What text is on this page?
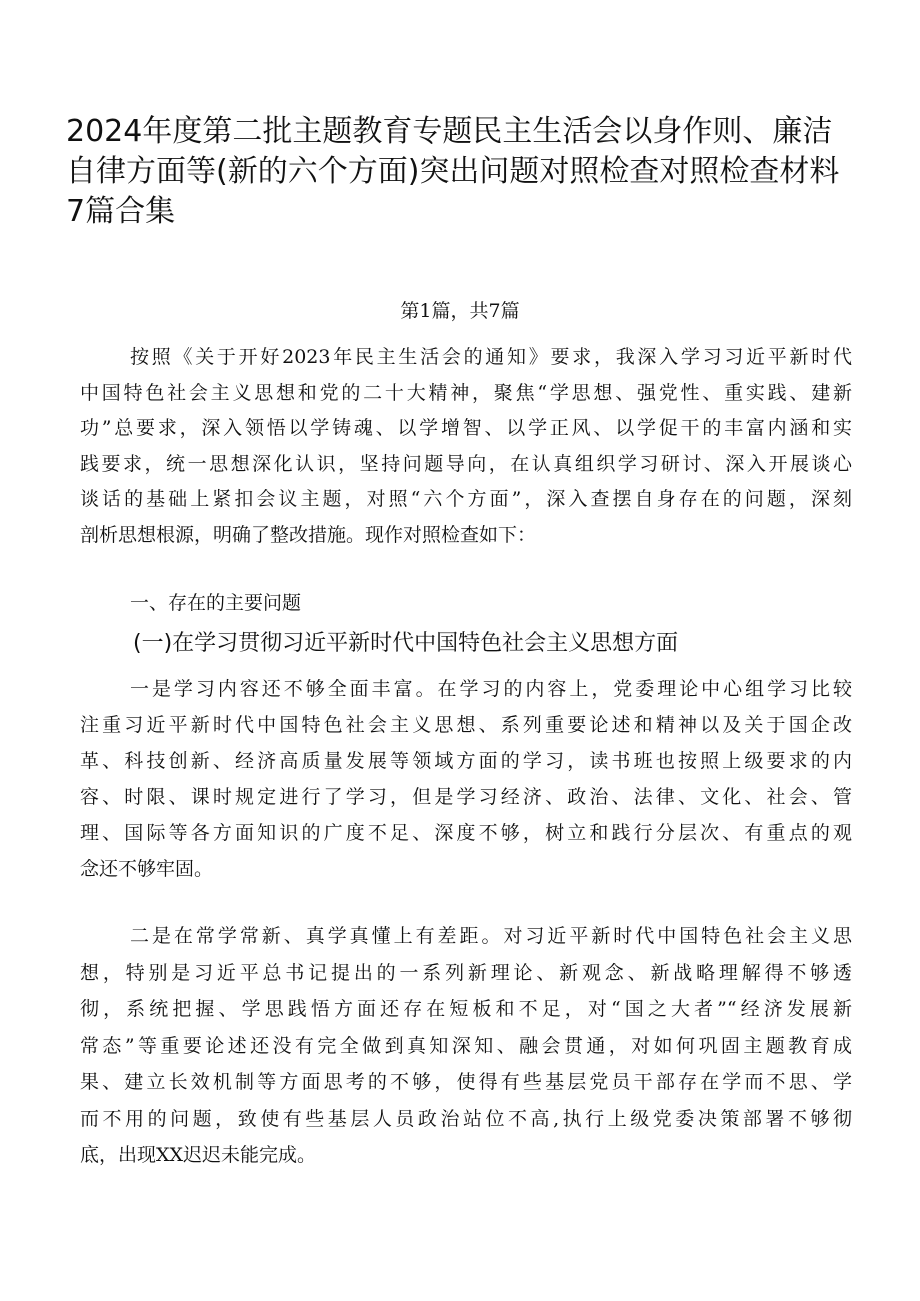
2024年度第二批主题教育专题民主生活会以身作则、廉洁
自律方面等(新的六个方面)突出问题对照检查对照检查材料
7篇合集

第1篇，共7篇

按照《关于开好2023年民主生活会的通知》要求，我深入学习习近平新时代
中国特色社会主义思想和党的二十大精神，聚焦“学思想、强党性、重实践、建新
功”总要求，深入领悟以学铸魂、以学增智、以学正风、以学促干的丰富内涵和实
践要求，统一思想深化认识，坚持问题导向，在认真组织学习研讨、深入开展谈心
谈话的基础上紧扣会议主题，对照“六个方面”，深入查摆自身存在的问题，深刻
剖析思想根源，明确了整改措施。现作对照检查如下：
一、存在的主要问题
(一)在学习贯彻习近平新时代中国特色社会主义思想方面
一是学习内容还不够全面丰富。在学习的内容上，党委理论中心组学习比较
注重习近平新时代中国特色社会主义思想、系列重要论述和精神以及关于国企改
革、科技创新、经济高质量发展等领域方面的学习，读书班也按照上级要求的内
容、时限、课时规定进行了学习，但是学习经济、政治、法律、文化、社会、管
理、国际等各方面知识的广度不足、深度不够，树立和践行分层次、有重点的观
念还不够牢固。
二是在常学常新、真学真懂上有差距。对习近平新时代中国特色社会主义思
想，特别是习近平总书记提出的一系列新理论、新观念、新战略理解得不够透
彻，系统把握、学思践悟方面还存在短板和不足，对“国之大者”“经济发展新
常态”等重要论述还没有完全做到真知深知、融会贯通，对如何巩固主题教育成
果、建立长效机制等方面思考的不够，使得有些基层党员干部存在学而不思、学
而不用的问题，致使有些基层人员政治站位不高,执行上级党委决策部署不够彻
底，出现XX迟迟未能完成。
